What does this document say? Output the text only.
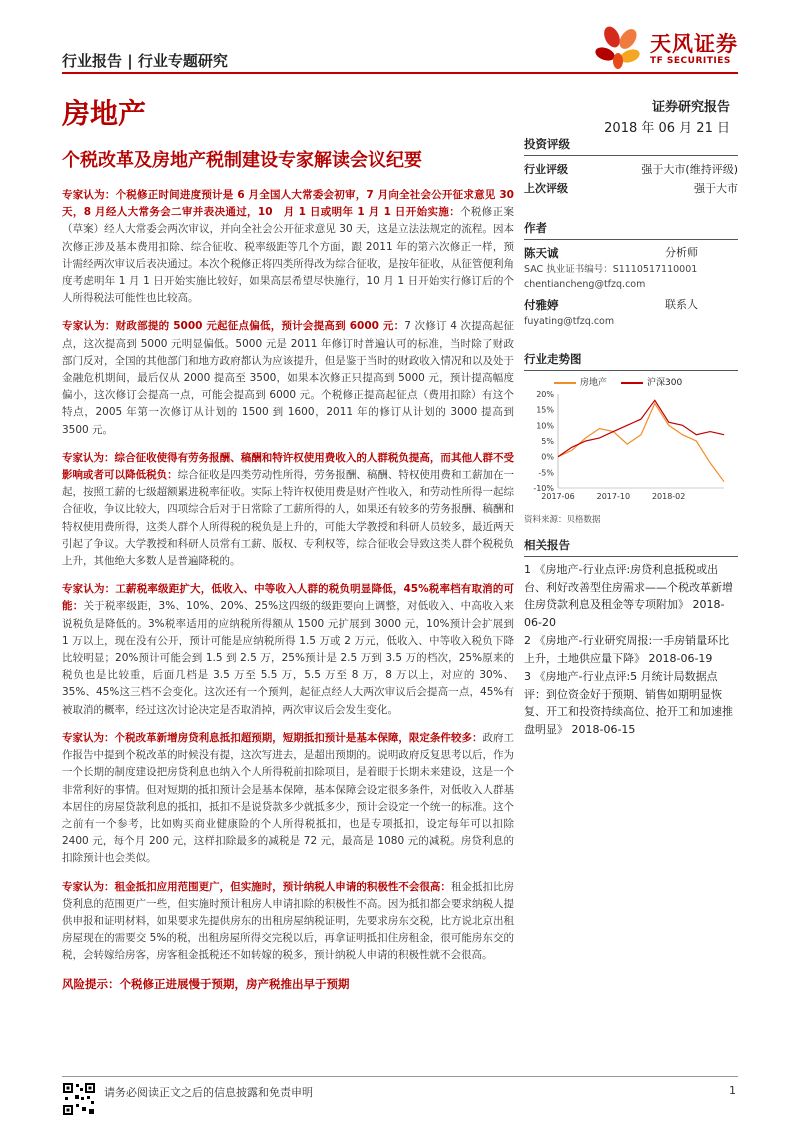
天风证券
TF SECURITIES
行业报告 | 行业专题研究
房地产	证券研究报告
2018 年 06 月 21 日
个税改革及房地产税制建设专家解读会议纪要

专家认为：个税修正时间进度预计是 6 月全国人大常委会初审，7 月向全社会公开征求意见 30 天，8 月经人大常务会二审并表决通过，10　月 1 日或明年 1 月 1 日开始实施：个税修正案（草案）经人大常委会两次审议，并向全社会公开征求意见 30 天，这是立法法规定的流程。因本次修正涉及基本费用扣除、综合征收、税率级距等几个方面，跟 2011 年的第六次修正一样，预计需经两次审议后表决通过。本次个税修正将四类所得改为综合征收，是按年征收，从征管便利角度考虑明年 1 月 1 日开始实施比较好，如果高层希望尽快施行，10 月 1 日开始实行修订后的个人所得税法可能性也比较高。

专家认为：财政部提的 5000 元起征点偏低，预计会提高到 6000 元：7 次修订 4 次提高起征点，这次提高到 5000 元明显偏低。5000 元是 2011 年修订时普遍认可的标准，当时除了财政部门反对，全国的其他部门和地方政府都认为应该提升，但是鉴于当时的财政收入情况和以及处于金融危机期间，最后仅从 2000 提高至 3500，如果本次修正只提高到 5000 元，预计提高幅度偏小，这次修订会提高一点，可能会提高到 6000 元。个税修正提高起征点（费用扣除）有这个特点，2005 年第一次修订从计划的 1500 到 1600，2011 年的修订从计划的 3000 提高到 3500 元。

专家认为：综合征收使得有劳务报酬、稿酬和特许权使用费收入的人群税负提高，而其他人群不受影响或者可以降低税负：综合征收是四类劳动性所得，劳务报酬、稿酬、特权使用费和工薪加在一起，按照工薪的七级超额累进税率征收。实际上特许权使用费是财产性收入，和劳动性所得一起综合征收，争议比较大，四项综合后对于日常除了工薪所得的人，如果还有较多的劳务报酬、稿酬和特权使用费所得，这类人群个人所得税的税负是上升的，可能大学教授和科研人员较多，最近两天引起了争议。大学教授和科研人员常有工薪、版权、专利权等，综合征收会导致这类人群个税税负上升，其他绝大多数人是普遍降税的。

专家认为：工薪税率级距扩大，低收入、中等收入人群的税负明显降低，45%税率档有取消的可能：关于税率级距，3%、10%、20%、25%这四级的级距要向上调整，对低收入、中高收入来说税负是降低的。3%税率适用的应纳税所得额从 1500 元扩展到 3000 元，10%预计会扩展到 1 万以上，现在没有公开，预计可能是应纳税所得 1.5 万或 2 万元，低收入、中等收入税负下降比较明显；20%预计可能会到 1.5 到 2.5 万，25%预计是 2.5 万到 3.5 万的档次，25%原来的税负也是比较重，后面几档是 3.5 万至 5.5 万，5.5 万至 8 万，8 万以上，对应的 30%、35%、45%这三档不会变化。这次还有一个预判，起征点经人大两次审议后会提高一点，45%有被取消的概率，经过这次讨论决定是否取消掉，两次审议后会发生变化。

专家认为：个税改革新增房贷利息抵扣超预期，短期抵扣预计是基本保障，限定条件较多：政府工作报告中提到个税改革的时候没有提，这次写进去，是超出预期的。说明政府反复思考以后，作为一个长期的制度建设把房贷利息也纳入个人所得税前扣除项目，是着眼于长期未来建设，这是一个非常利好的事情。但对短期的抵扣预计会是基本保障，基本保障会设定很多条件，对低收入人群基本居住的房屋贷款利息的抵扣，抵扣不是说贷款多少就抵多少，预计会设定一个统一的标准。这个之前有一个参考，比如购买商业健康险的个人所得税抵扣，也是专项抵扣，设定每年可以扣除 2400 元，每个月 200 元，这样扣除最多的减税是 72 元，最高是 1080 元的减税。房贷利息的扣除预计也会类似。

专家认为：租金抵扣应用范围更广，但实施时，预计纳税人申请的积极性不会很高：租金抵扣比房贷利息的范围更广一些，但实施时预计租房人申请扣除的积极性不高。因为抵扣都会要求纳税人提供申报和证明材料，如果要求先提供房东的出租房屋纳税证明，先要求房东交税，比方说北京出租房屋现在的需要交 5%的税，出租房屋所得交完税以后，再拿证明抵扣住房租金，很可能房东交的税，会转嫁给房客，房客租金抵税还不如转嫁的税多，预计纳税人申请的积极性就不会很高。

风险提示：个税修正进展慢于预期，房产税推出早于预期
投资评级
行业评级	强于大市(维持评级)
上次评级	强于大市
作者
陈天诚	分析师
SAC 执业证书编号：S1110517110001
chentiancheng@tfzq.com
付雅婷	联系人
fuyating@tfzq.com
行业走势图
房地产	沪深300
20%
15%
10%
5%
0%
-5%
-10%
2017-06	2017-10	2018-02
资料来源：贝格数据
相关报告
1 《房地产-行业点评:房贷利息抵税或出台、利好改善型住房需求——个税改革新增住房贷款利息及租金等专项附加》 2018-06-20
2 《房地产-行业研究周报:一手房销量环比上升，土地供应量下降》 2018-06-19
3 《房地产-行业点评:5 月统计局数据点评：到位资金好于预期、销售如期明显恢复、开工和投资持续高位、抢开工和加速推盘明显》 2018-06-15
请务必阅读正文之后的信息披露和免责申明	1
